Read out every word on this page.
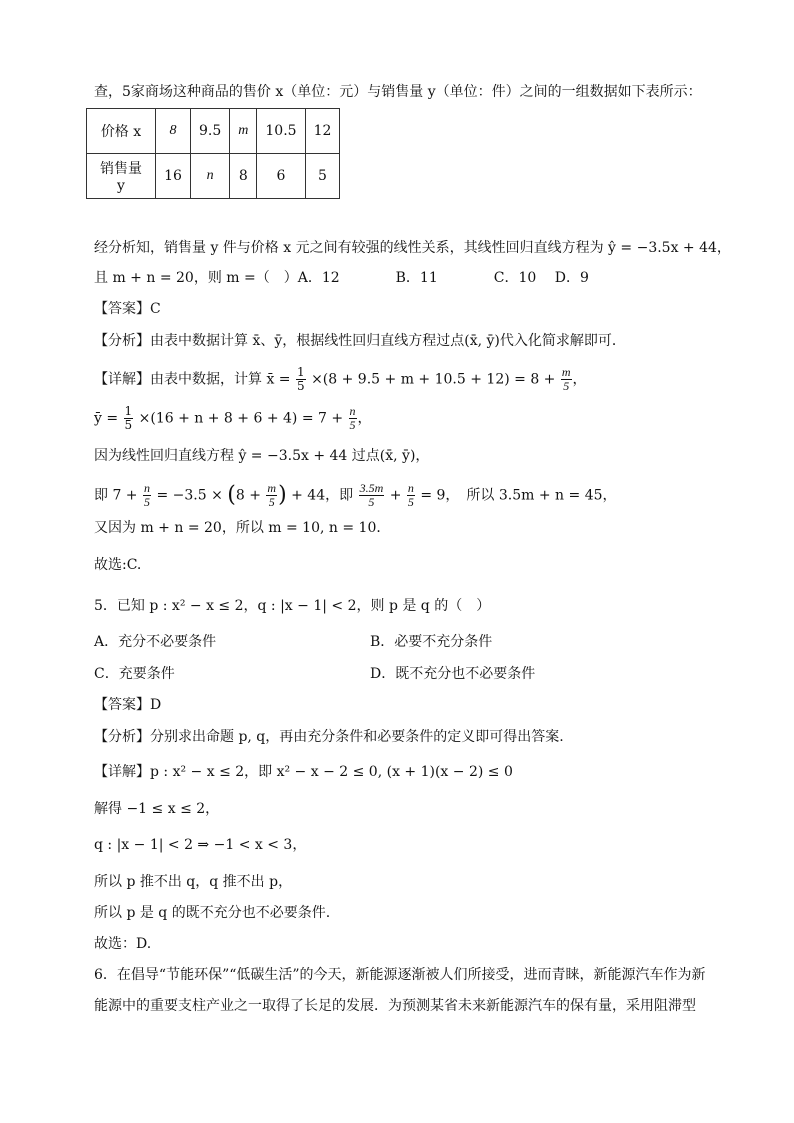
查，5家商场这种商品的售价 x（单位：元）与销售量 y（单位：件）之间的一组数据如下表所示：
价格 x	8	9.5	m	10.5	12
销售量 y	16	n	8	6	5
经分析知，销售量 y 件与价格 x 元之间有较强的线性关系，其线性回归直线方程为 ŷ = −3.5x + 44，
且 m + n = 20，则 m =（　）A．12　　　　B．11　　　　C．10　 D．9
【答案】C
【分析】由表中数据计算 x̄、ȳ，根据线性回归直线方程过点(x̄, ȳ)代入化简求解即可．
【详解】由表中数据，计算 x̄ = $\frac{1}{5} \times(8 + 9.5 + m + 10.5 + 12) = 8 + \frac{m}{5}$ ，
ȳ = $\frac{1}{5} \times(16 + n + 8 + 6 + 4) = 7 + \frac{n}{5}$ ，
因为线性回归直线方程 ŷ = −3.5x + 44 过点(x̄, ȳ)，
即 $7 + \frac{n}{5} = -3.5 \times (8 + \frac{m}{5}$ ) + 44，即 $\frac{3.5m}{5} + \frac{n}{5} = 9$，　所以 3.5m + n = 45，
又因为 m + n = 20，所以 m = 10, n = 10．
故选:C.
5．已知 p : x² − x ≤ 2，q : |x − 1| < 2，则 p 是 q 的（　）
A．充分不必要条件	B．必要不充分条件
C．充要条件	D．既不充分也不必要条件
【答案】D
【分析】分别求出命题 p, q，再由充分条件和必要条件的定义即可得出答案.
【详解】p : x² − x ≤ 2，即 x² − x − 2 ≤ 0, (x + 1)(x − 2) ≤ 0
解得 −1 ≤ x ≤ 2，
q : |x − 1| < 2 ⇒ −1 < x < 3，
所以 p 推不出 q，q 推不出 p，
所以 p 是 q 的既不充分也不必要条件.
故选：D.
6．在倡导“节能环保”“低碳生活”的今天，新能源逐渐被人们所接受，进而青睐，新能源汽车作为新
能源中的重要支柱产业之一取得了长足的发展．为预测某省未来新能源汽车的保有量，采用阻滞型
